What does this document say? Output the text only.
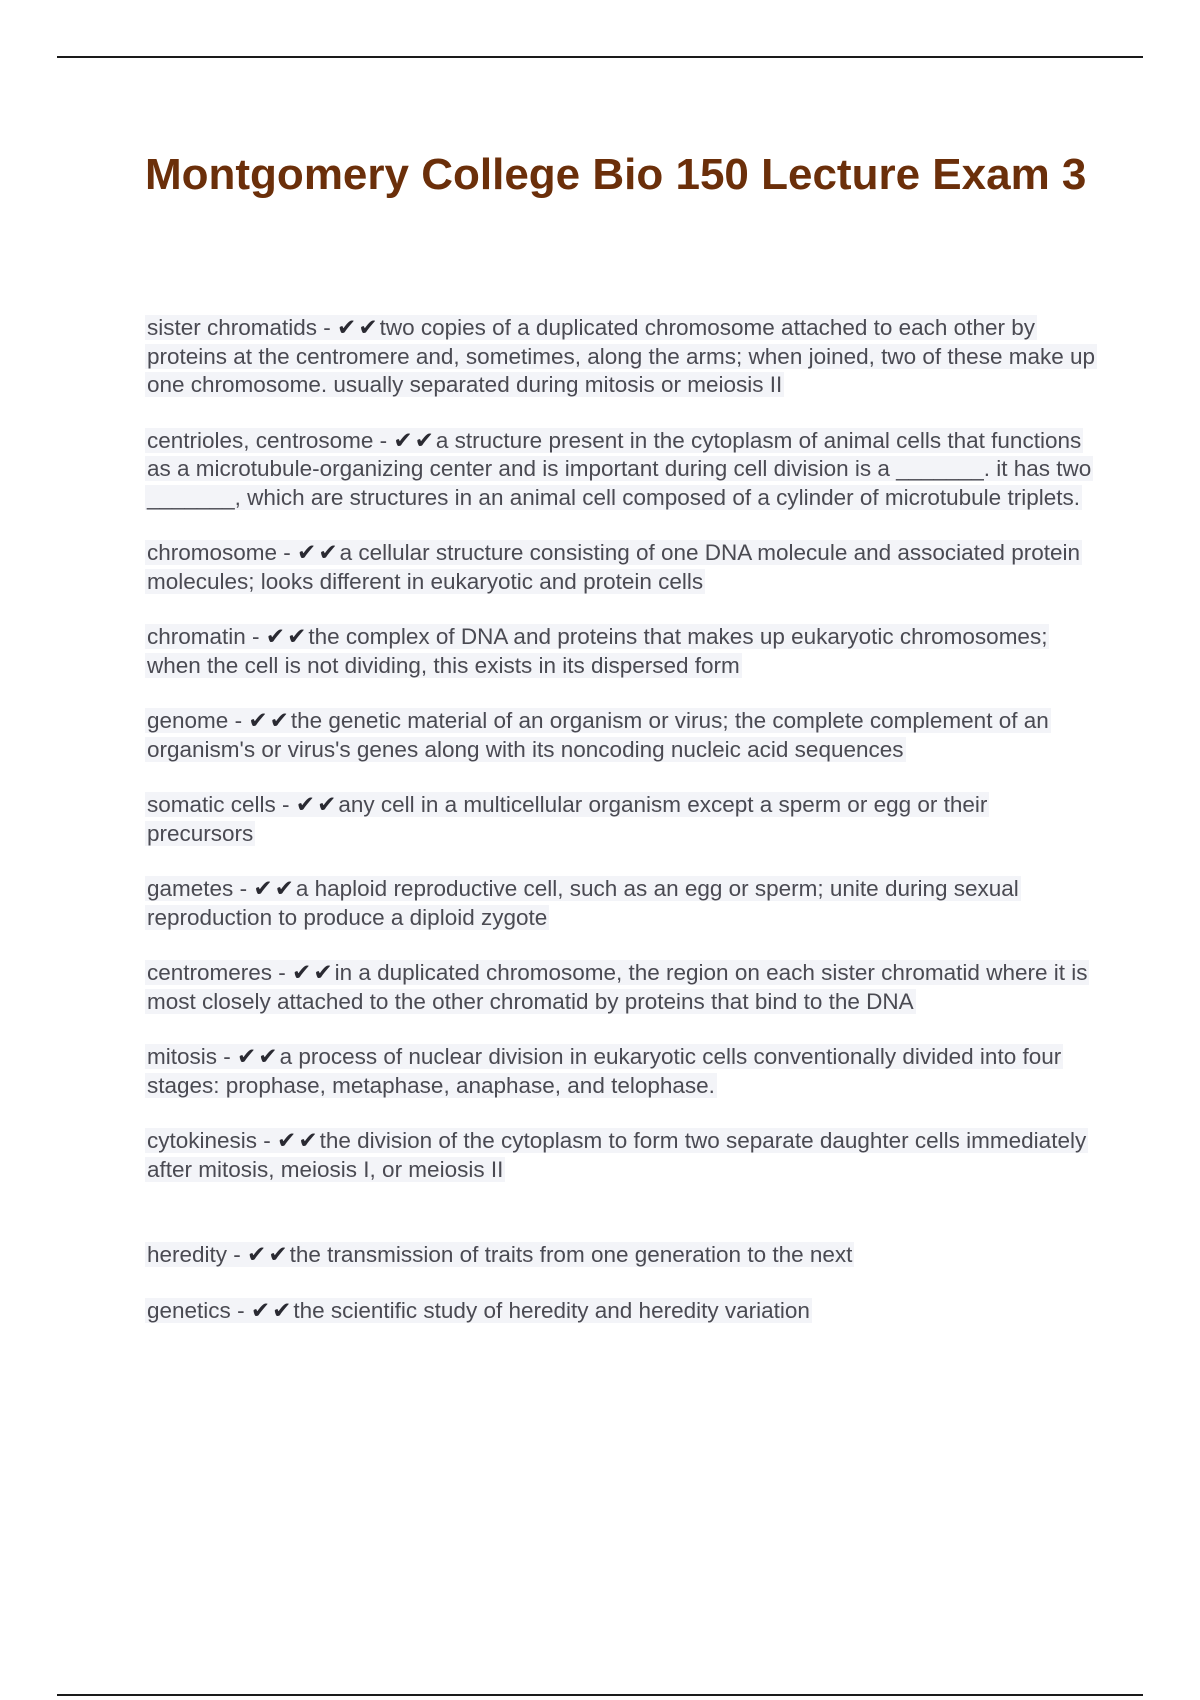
Montgomery College Bio 150 Lecture Exam 3

sister chromatids - ✔✔two copies of a duplicated chromosome attached to each other by proteins at the centromere and, sometimes, along the arms; when joined, two of these make up one chromosome. usually separated during mitosis or meiosis II

centrioles, centrosome - ✔✔a structure present in the cytoplasm of animal cells that functions as a microtubule-organizing center and is important during cell division is a _______. it has two _______, which are structures in an animal cell composed of a cylinder of microtubule triplets.

chromosome - ✔✔a cellular structure consisting of one DNA molecule and associated protein molecules; looks different in eukaryotic and protein cells

chromatin - ✔✔the complex of DNA and proteins that makes up eukaryotic chromosomes; when the cell is not dividing, this exists in its dispersed form

genome - ✔✔the genetic material of an organism or virus; the complete complement of an organism's or virus's genes along with its noncoding nucleic acid sequences

somatic cells - ✔✔any cell in a multicellular organism except a sperm or egg or their precursors

gametes - ✔✔a haploid reproductive cell, such as an egg or sperm; unite during sexual reproduction to produce a diploid zygote

centromeres - ✔✔in a duplicated chromosome, the region on each sister chromatid where it is most closely attached to the other chromatid by proteins that bind to the DNA

mitosis - ✔✔a process of nuclear division in eukaryotic cells conventionally divided into four stages: prophase, metaphase, anaphase, and telophase.

cytokinesis - ✔✔the division of the cytoplasm to form two separate daughter cells immediately after mitosis, meiosis I, or meiosis II

heredity - ✔✔the transmission of traits from one generation to the next

genetics - ✔✔the scientific study of heredity and heredity variation
